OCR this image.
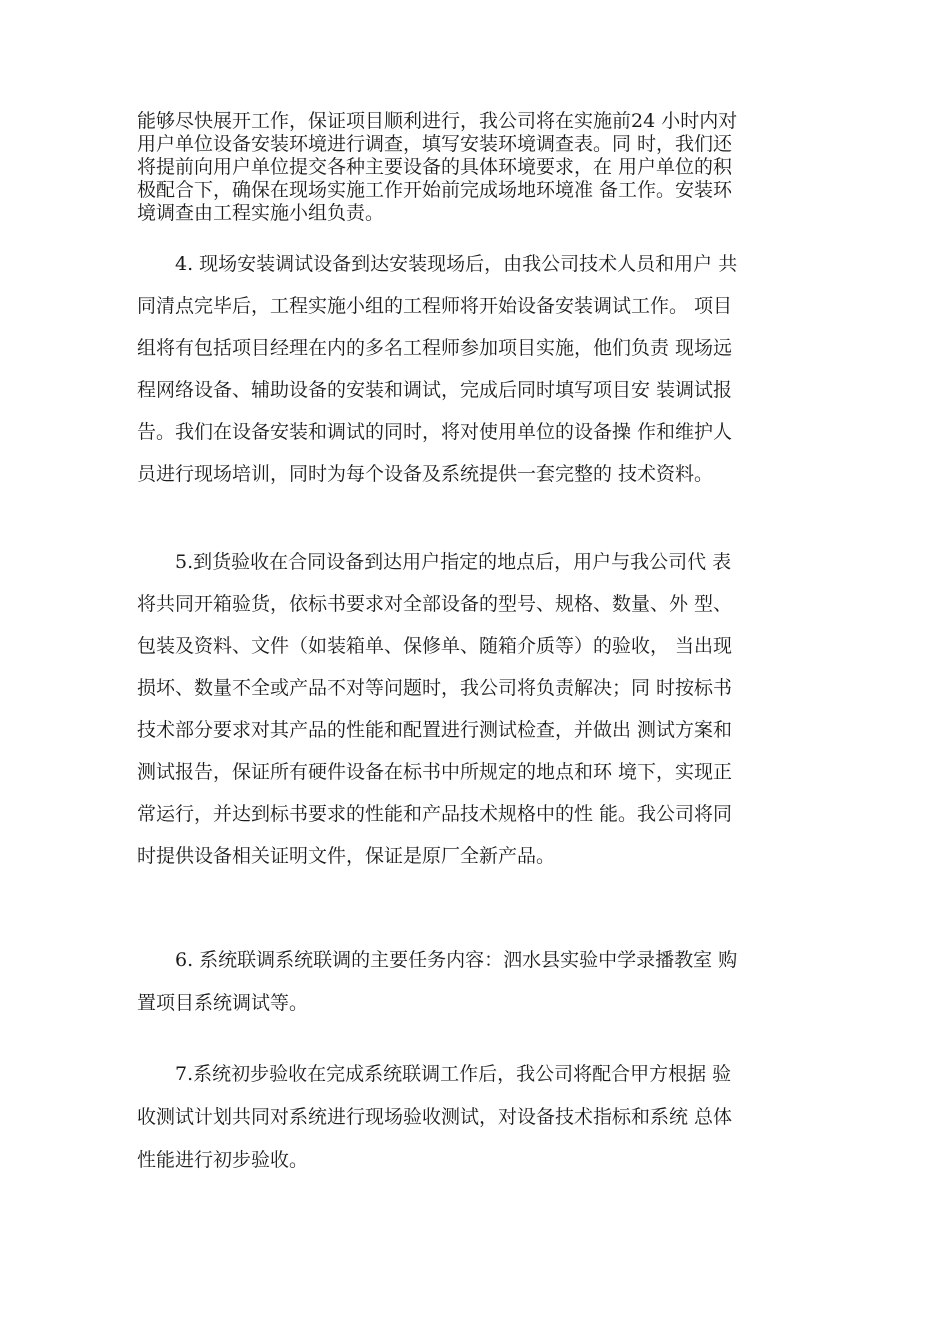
能够尽快展开工作，保证项目顺利进行，我公司将在实施前24 小时内对
用户单位设备安装环境进行调查，填写安装环境调查表。同 时，我们还
将提前向用户单位提交各种主要设备的具体环境要求，在 用户单位的积
极配合下，确保在现场实施工作开始前完成场地环境准 备工作。安装环
境调查由工程实施小组负责。
　　4. 现场安装调试设备到达安装现场后，由我公司技术人员和用户 共
同清点完毕后，工程实施小组的工程师将开始设备安装调试工作。 项目
组将有包括项目经理在内的多名工程师参加项目实施，他们负责 现场远
程网络设备、辅助设备的安装和调试，完成后同时填写项目安 装调试报
告。我们在设备安装和调试的同时，将对使用单位的设备操 作和维护人
员进行现场培训，同时为每个设备及系统提供一套完整的 技术资料。
　　5.到货验收在合同设备到达用户指定的地点后，用户与我公司代 表
将共同开箱验货，依标书要求对全部设备的型号、规格、数量、外 型、
包装及资料、文件（如装箱单、保修单、随箱介质等）的验收， 当出现
损坏、数量不全或产品不对等问题时，我公司将负责解决；同 时按标书
技术部分要求对其产品的性能和配置进行测试检查，并做出 测试方案和
测试报告，保证所有硬件设备在标书中所规定的地点和环 境下，实现正
常运行，并达到标书要求的性能和产品技术规格中的性 能。我公司将同
时提供设备相关证明文件，保证是原厂全新产品。
　　6. 系统联调系统联调的主要任务内容：泗水县实验中学录播教室 购
置项目系统调试等。
　　7.系统初步验收在完成系统联调工作后，我公司将配合甲方根据 验
收测试计划共同对系统进行现场验收测试，对设备技术指标和系统 总体
性能进行初步验收。
